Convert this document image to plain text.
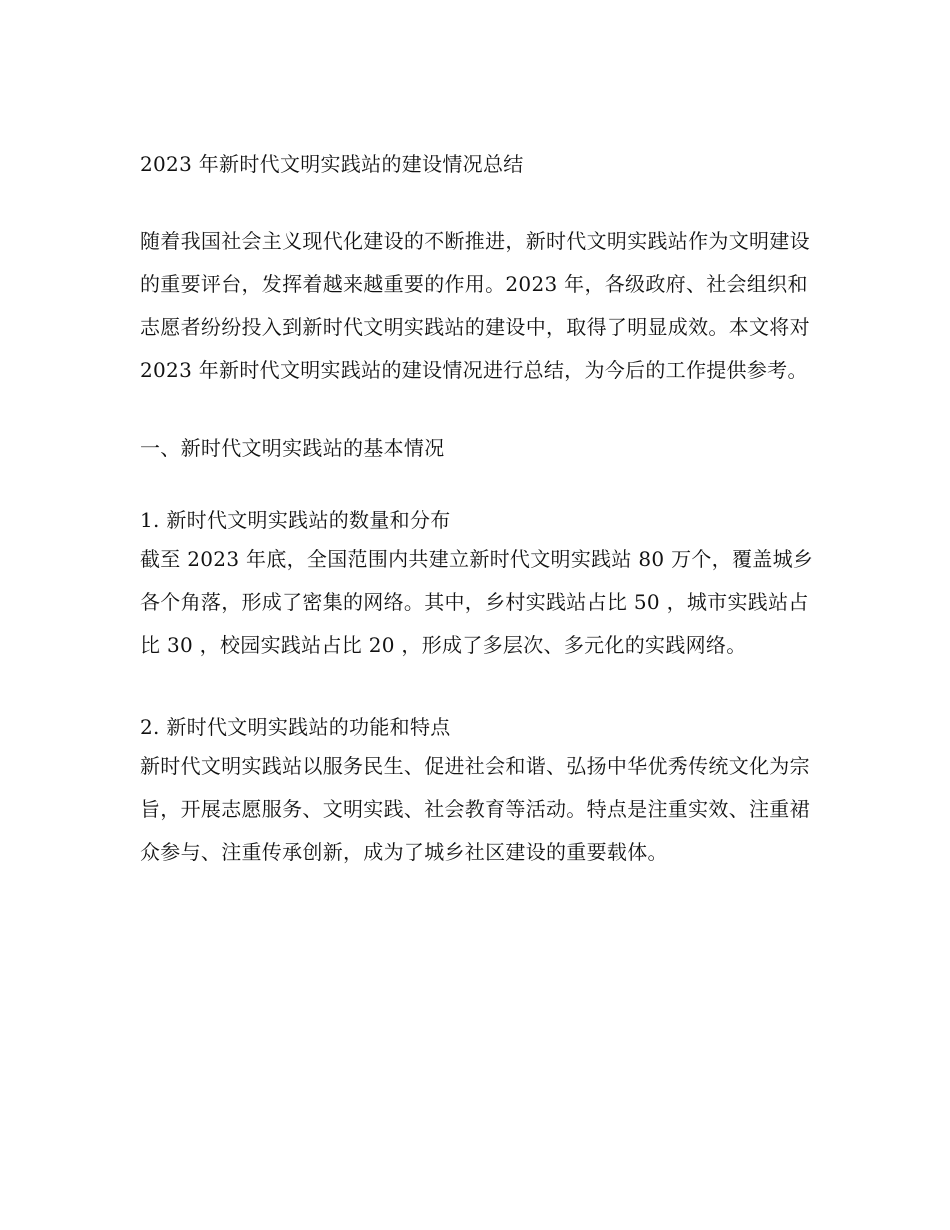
2023 年新时代文明实践站的建设情况总结

随着我国社会主义现代化建设的不断推进，新时代文明实践站作为文明建设的重要评台，发挥着越来越重要的作用。2023 年，各级政府、社会组织和志愿者纷纷投入到新时代文明实践站的建设中，取得了明显成效。本文将对 2023 年新时代文明实践站的建设情况进行总结，为今后的工作提供参考。

一、新时代文明实践站的基本情况
1. 新时代文明实践站的数量和分布

截至 2023 年底，全国范围内共建立新时代文明实践站 80 万个，覆盖城乡各个角落，形成了密集的网络。其中，乡村实践站占比 50 ，城市实践站占比 30 ，校园实践站占比 20 ，形成了多层次、多元化的实践网络。

2. 新时代文明实践站的功能和特点

新时代文明实践站以服务民生、促进社会和谐、弘扬中华优秀传统文化为宗旨，开展志愿服务、文明实践、社会教育等活动。特点是注重实效、注重裙众参与、注重传承创新，成为了城乡社区建设的重要载体。
